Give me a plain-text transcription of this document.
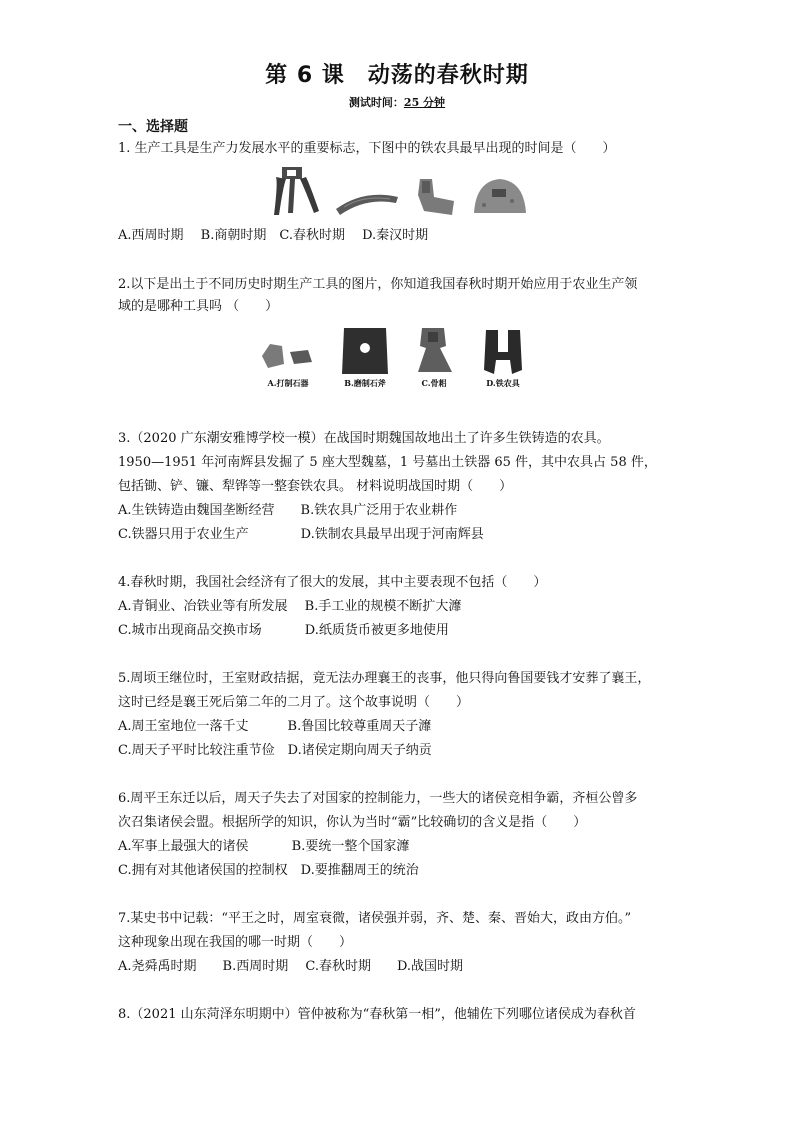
第 6 课　动荡的春秋时期
测试时间：25 分钟
一、选择题
1. 生产工具是生产力发展水平的重要标志，下图中的铁农具最早出现的时间是（　　）
A.西周时期　 B.商朝时期　C.春秋时期　 D.秦汉时期
2.以下是出土于不同历史时期生产工具的图片，你知道我国春秋时期开始应用于农业生产领
域的是哪种工具吗 （　　）
A.打制石器	B.磨制石斧	C.骨耜	D.铁农具
3.（2020 广东潮安雅博学校一模）在战国时期魏国故地出土了许多生铁铸造的农具。
1950—1951 年河南辉县发掘了 5 座大型魏墓，1 号墓出土铁器 65 件，其中农具占 58 件，
包括锄、铲、镰、犁铧等一整套铁农具。 材料说明战国时期（　　）
A.生铁铸造由魏国垄断经营　　B.铁农具广泛用于农业耕作
C.铁器只用于农业生产　　　　D.铁制农具最早出现于河南辉县
4.春秋时期，我国社会经济有了很大的发展，其中主要表现不包括（　　）
A.青铜业、冶铁业等有所发展　 B.手工业的规模不断扩大灖
C.城市出现商品交换市场　　　 D.纸质货币被更多地使用
5.周顷王继位时，王室财政拮据，竟无法办理襄王的丧事，他只得向鲁国要钱才安葬了襄王，
这时已经是襄王死后第二年的二月了。这个故事说明（　　）
A.周王室地位一落千丈　　　B.鲁国比较尊重周天子灖
C.周天子平时比较注重节俭　D.诸侯定期向周天子纳贡
6.周平王东迁以后，周天子失去了对国家的控制能力，一些大的诸侯竞相争霸，齐桓公曾多
次召集诸侯会盟。根据所学的知识，你认为当时“霸”比较确切的含义是指（　　）
A.军事上最强大的诸侯　　　 B.要统一整个国家灖
C.拥有对其他诸侯国的控制权　D.要推翻周王的统治
7.某史书中记载：“平王之时，周室衰微，诸侯强并弱，齐、楚、秦、晋始大，政由方伯。”
这种现象出现在我国的哪一时期（　　）
A.尧舜禹时期　　B.西周时期　 C.春秋时期　　D.战国时期
8.（2021 山东菏泽东明期中）管仲被称为“春秋第一相”，他辅佐下列哪位诸侯成为春秋首
